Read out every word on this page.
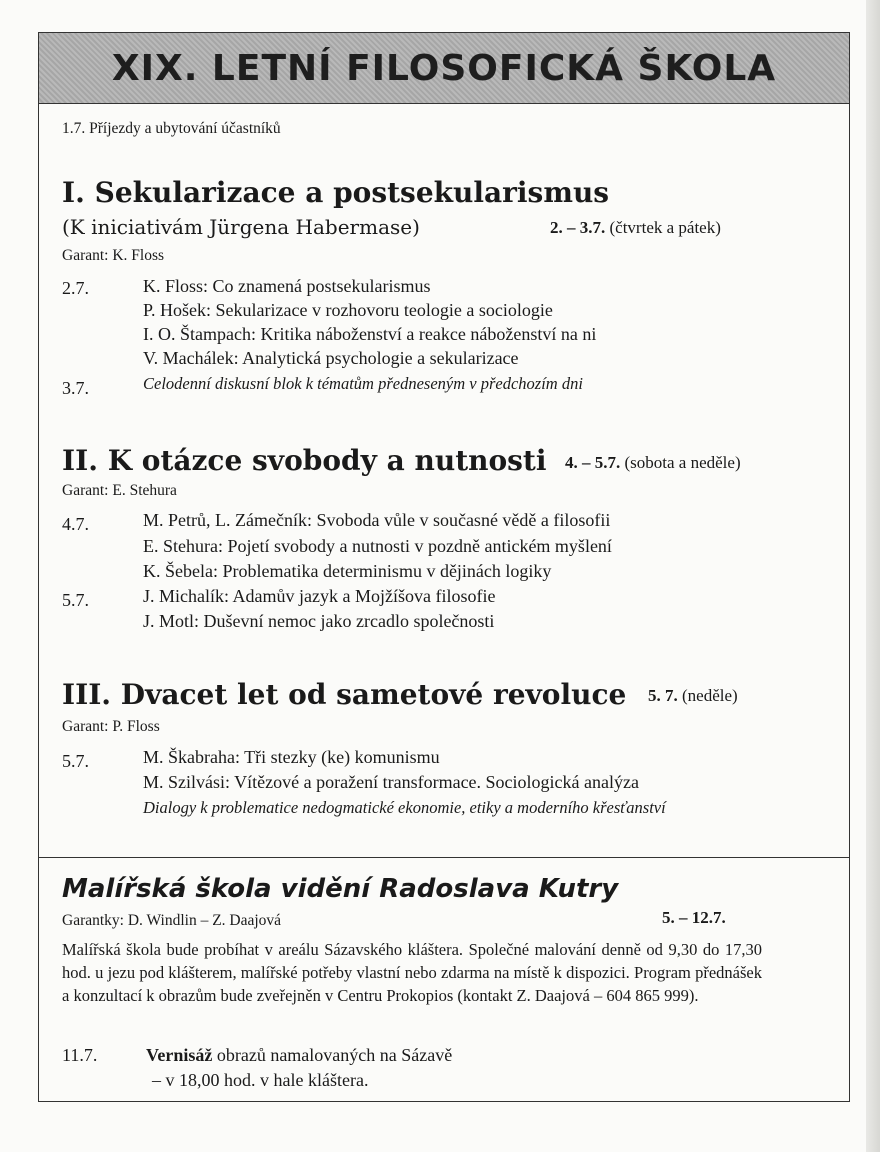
XIX. LETNÍ FILOSOFICKÁ ŠKOLA
1.7. Příjezdy a ubytování účastníků
I. Sekularizace a postsekularismus
(K iniciativám Jürgena Habermase)	2. – 3.7. (čtvrtek a pátek)
Garant: K. Floss
2.7.	K. Floss: Co znamená postsekularismus
P. Hošek: Sekularizace v rozhovoru teologie a sociologie
I. O. Štampach: Kritika náboženství a reakce náboženství na ni
V. Machálek: Analytická psychologie a sekularizace
3.7.	Celodenní diskusní blok k tématům předneseným v předchozím dni
II. K otázce svobody a nutnosti 4. – 5.7. (sobota a neděle)
Garant: E. Stehura
4.7.	M. Petrů, L. Zámečník: Svoboda vůle v současné vědě a filosofii
E. Stehura: Pojetí svobody a nutnosti v pozdně antickém myšlení
K. Šebela: Problematika determinismu v dějinách logiky
5.7.	J. Michalík: Adamův jazyk a Mojžíšova filosofie
J. Motl: Duševní nemoc jako zrcadlo společnosti
III. Dvacet let od sametové revoluce 5. 7. (neděle)
Garant: P. Floss
5.7.	M. Škabraha: Tři stezky (ke) komunismu
M. Szilvási: Vítězové a poražení transformace. Sociologická analýza
Dialogy k problematice nedogmatické ekonomie, etiky a moderního křesťanství
Malířská škola vidění Radoslava Kutry
Garantky: D. Windlin – Z. Daajová	5. – 12.7.
Malířská škola bude probíhat v areálu Sázavského kláštera. Společné malování denně od 9,30 do 17,30 hod. u jezu pod klášterem, malířské potřeby vlastní nebo zdarma na místě k dispozici. Program přednášek a konzultací k obrazům bude zveřejněn v Centru Prokopios (kontakt Z. Daajová – 604 865 999).
11.7.	Vernisáž obrazů namalovaných na Sázavě
– v 18,00 hod. v hale kláštera.
